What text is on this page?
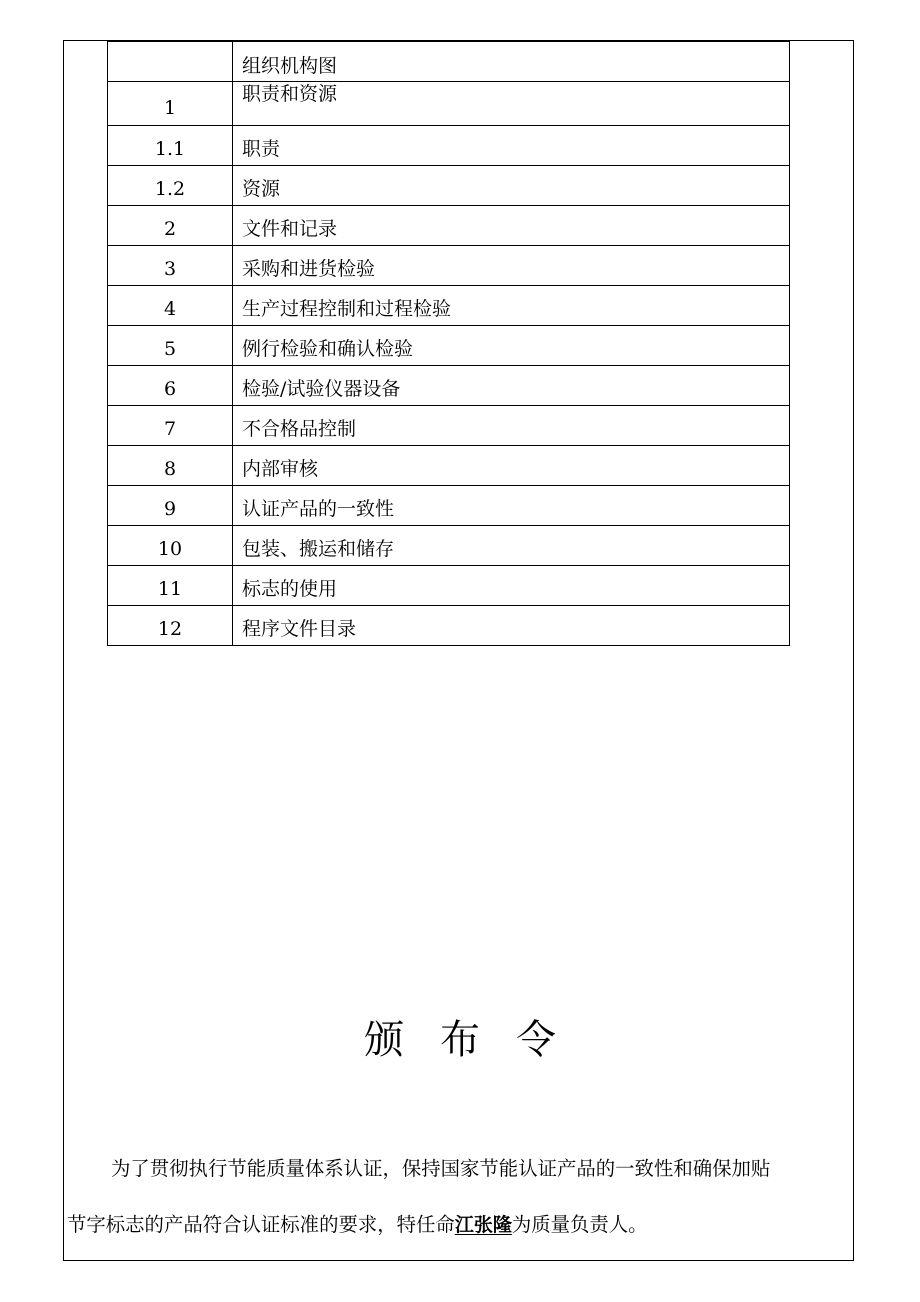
	组织机构图
1	职责和资源
1.1	职责
1.2	资源
2	文件和记录
3	采购和进货检验
4	生产过程控制和过程检验
5	例行检验和确认检验
6	检验/试验仪器设备
7	不合格品控制
8	内部审核
9	认证产品的一致性
10	包装、搬运和储存
11	标志的使用
12	程序文件目录
颁布令

为了贯彻执行节能质量体系认证，保持国家节能认证产品的一致性和确保加贴

节字标志的产品符合认证标准的要求，特任命江张隆为质量负责人。
